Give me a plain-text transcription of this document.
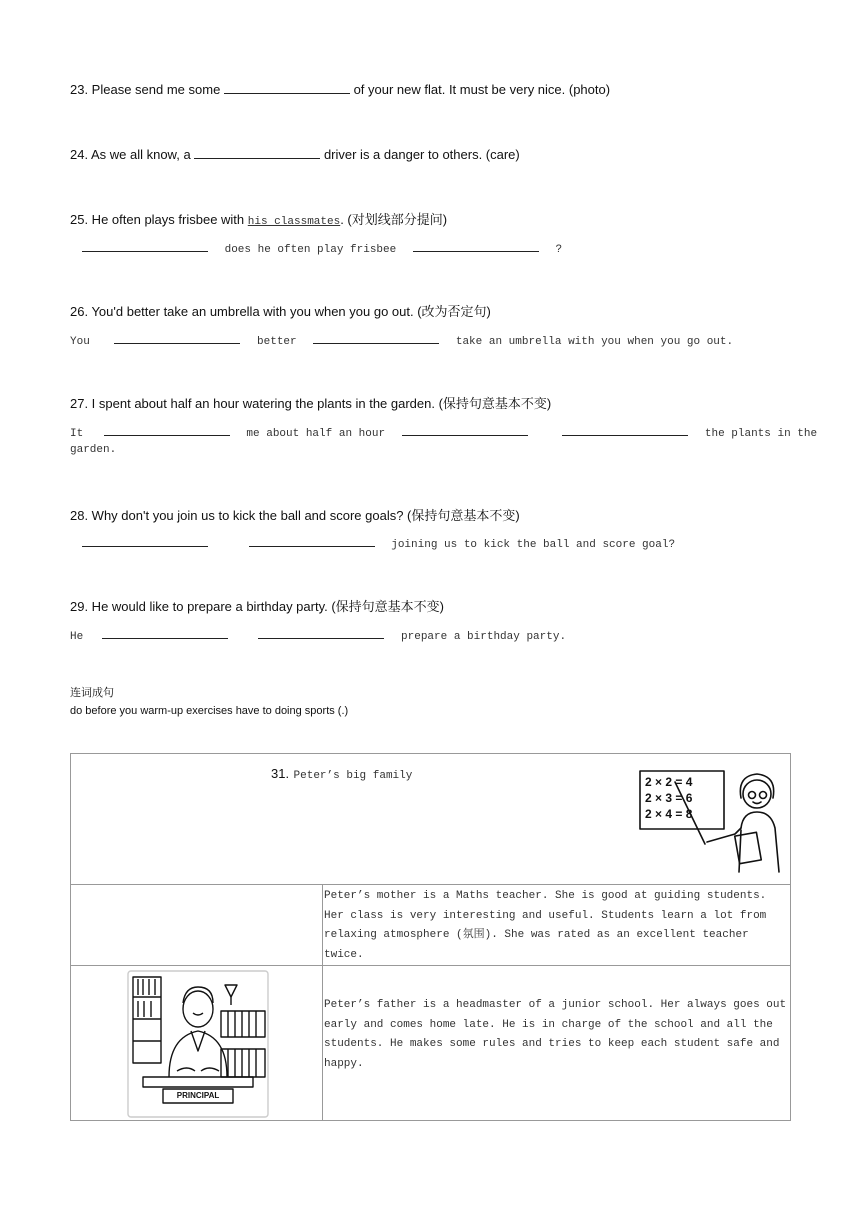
23. Please send me some	of your new flat. It must be very nice. (photo)
24. As we all know, a	driver is a danger to others. (care)
25. He often plays frisbee with his classmates. (对划线部分提问)
does he often play frisbee	?
26. You'd better take an umbrella with you when you go out. (改为否定句)
You	better	take an umbrella with you when you go out.
27. I spent about half an hour watering the plants in the garden. (保持句意基本不变)
It	me about half an hour	the plants in the
garden.
28. Why don't you join us to kick the ball and score goals? (保持句意基本不变)
joining us to kick the ball and score goal?
29. He would like to prepare a birthday party. (保持句意基本不变)
He	prepare a birthday party.
连词成句
do before you warm-up exercises have to doing sports (.)
31. Peter’s big family 2 × 2 = 4
2 × 3 = 6
2 × 4 = 8	

	Peter’s mother is a Maths teacher. She is good at guiding students. Her class is very interesting and useful. Students learn a lot from relaxing atmosphere (氛围). She was rated as an excellent teacher twice.

PRINCIPAL	Peter’s father is a headmaster of a junior school. Her always goes out early and comes home late. He is in charge of the school and all the students. He makes some rules and tries to keep each student safe and happy.
